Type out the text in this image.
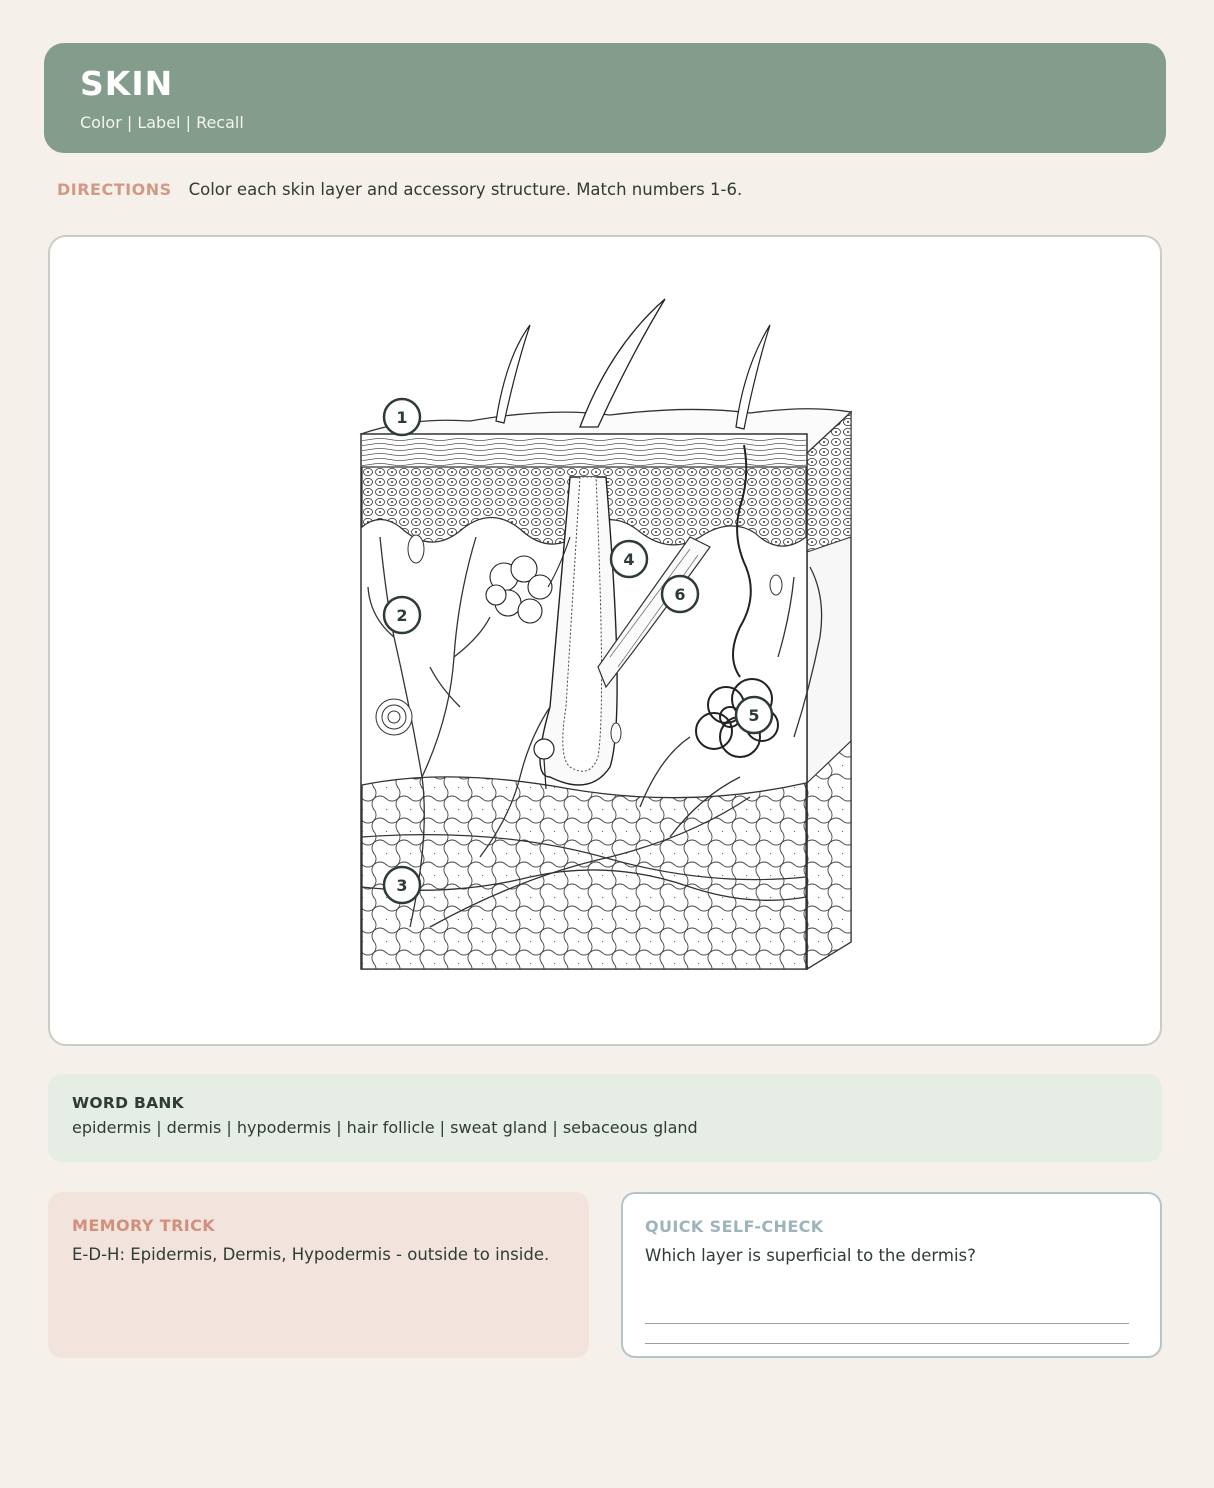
SKIN
Color | Label | Recall
DIRECTIONS Color each skin layer and accessory structure. Match numbers 1-6.
1
2
3
4
5
6
WORD BANK
epidermis | dermis | hypodermis | hair follicle | sweat gland | sebaceous gland
MEMORY TRICK
E-D-H: Epidermis, Dermis, Hypodermis - outside to inside.
QUICK SELF-CHECK
Which layer is superficial to the dermis?
